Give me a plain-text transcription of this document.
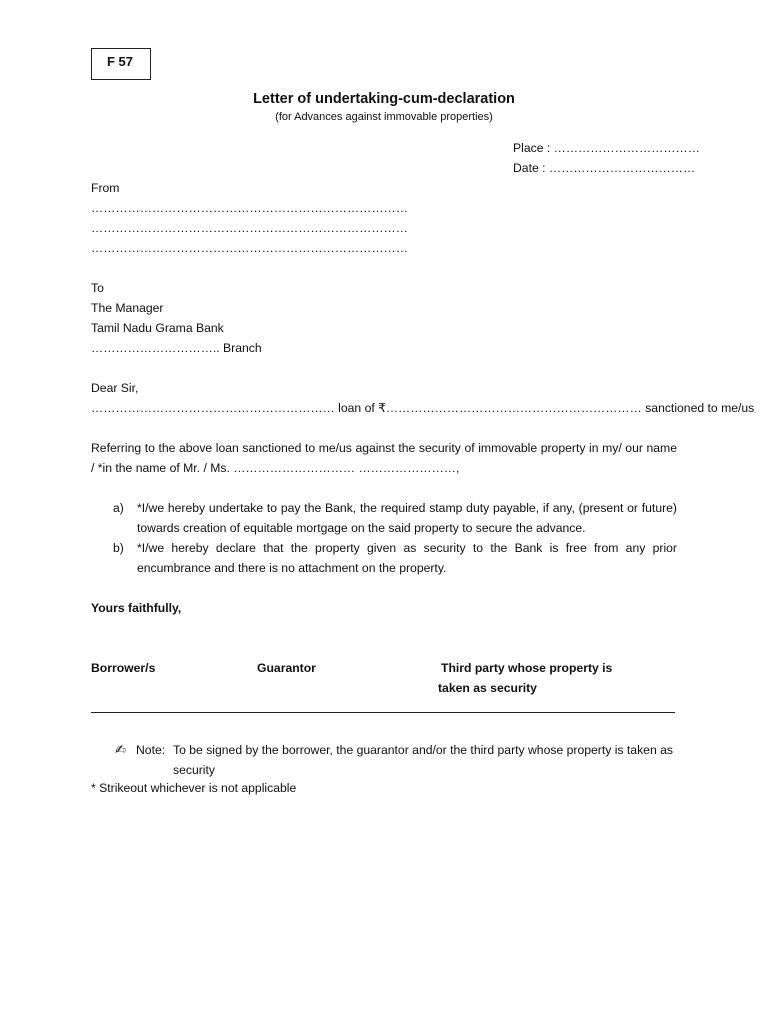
F 57
Letter of undertaking-cum-declaration
(for Advances against immovable properties)
Place : ………………………………
Date : ………………………………
From
……………………………………………………………………
……………………………………………………………………
……………………………………………………………………
To
The Manager
Tamil Nadu Grama Bank
………………………….. Branch
Dear Sir,
…………………………………………………… loan of ₹……………………………………………………… sanctioned to me/us
Referring to the above loan sanctioned to me/us against the security of immovable property in my/ our name / *in the name of Mr. / Ms. ………………………… ……………………,
a) *I/we hereby undertake to pay the Bank, the required stamp duty payable, if any, (present or future) towards creation of equitable mortgage on the said property to secure the advance.
b) *I/we hereby declare that the property given as security to the Bank is free from any prior encumbrance and there is no attachment on the property.
Yours faithfully,
Borrower/s	Guarantor	Third party whose property is
taken as security
✍ Note: To be signed by the borrower, the guarantor and/or the third party whose property is taken as security
* Strikeout whichever is not applicable
